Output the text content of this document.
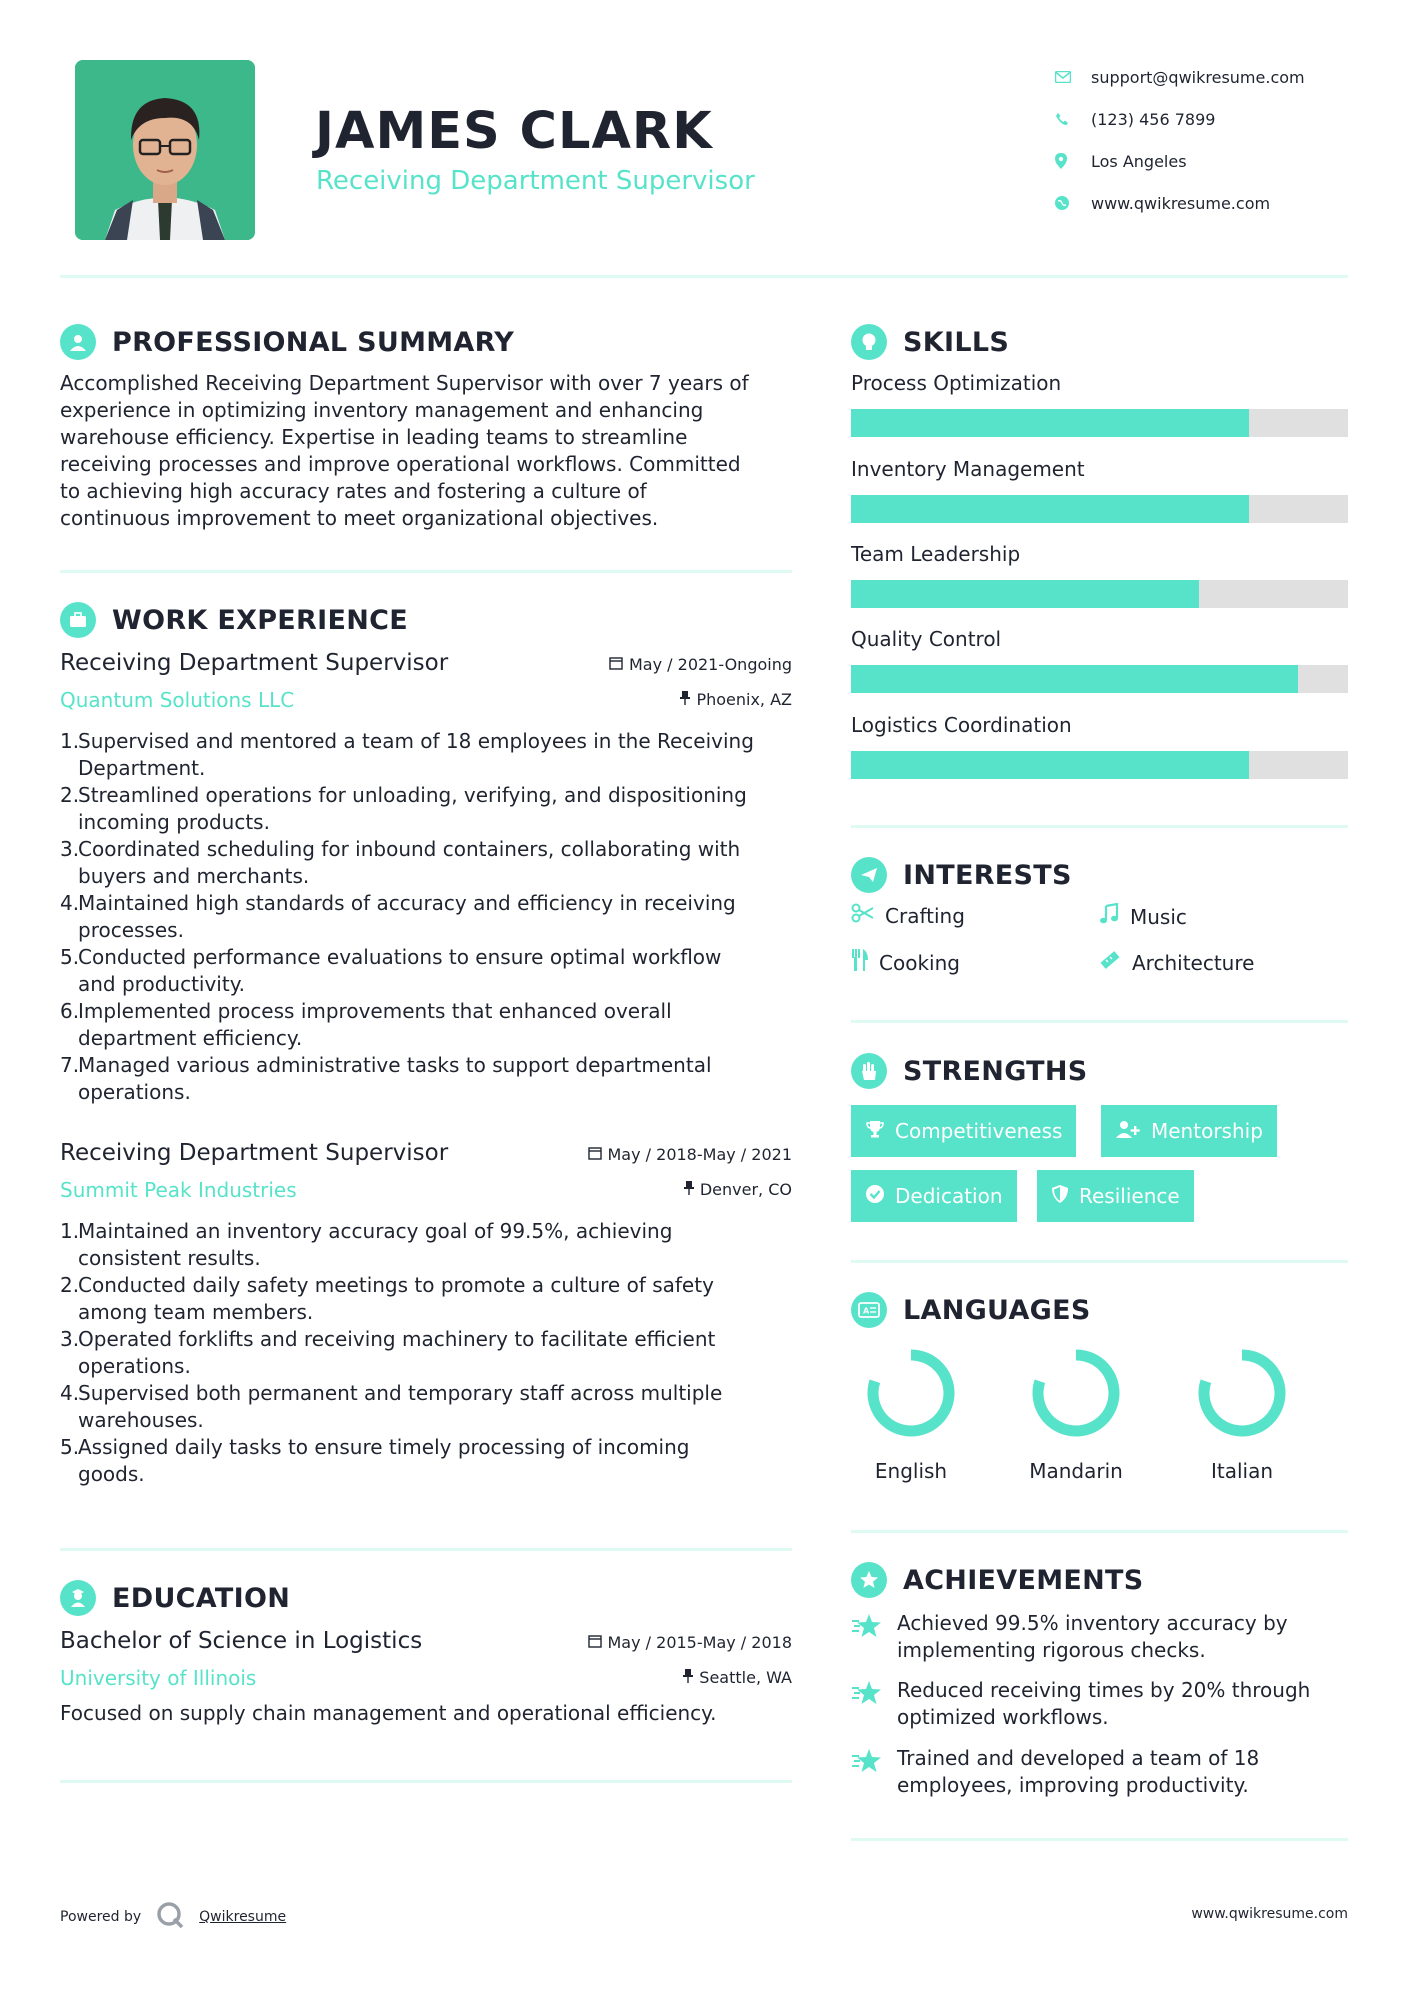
JAMES CLARK
Receiving Department Supervisor
support@qwikresume.com
(123) 456 7899
Los Angeles
www.qwikresume.com
PROFESSIONAL SUMMARY
Accomplished Receiving Department Supervisor with over 7 years of
experience in optimizing inventory management and enhancing
warehouse efficiency. Expertise in leading teams to streamline
receiving processes and improve operational workflows. Committed
to achieving high accuracy rates and fostering a culture of
continuous improvement to meet organizational objectives.
WORK EXPERIENCE
Receiving Department Supervisor
Quantum Solutions LLC
May / 2021-Ongoing
Phoenix, AZ
1.
Supervised and mentored a team of 18 employees in the Receiving
Department.
2.
Streamlined operations for unloading, verifying, and dispositioning
incoming products.
3.
Coordinated scheduling for inbound containers, collaborating with
buyers and merchants.
4.
Maintained high standards of accuracy and efficiency in receiving
processes.
5.
Conducted performance evaluations to ensure optimal workflow
and productivity.
6.
Implemented process improvements that enhanced overall
department efficiency.
7.
Managed various administrative tasks to support departmental
operations.
Receiving Department Supervisor
Summit Peak Industries
May / 2018-May / 2021
Denver, CO
1.
Maintained an inventory accuracy goal of 99.5%, achieving
consistent results.
2.
Conducted daily safety meetings to promote a culture of safety
among team members.
3.
Operated forklifts and receiving machinery to facilitate efficient
operations.
4.
Supervised both permanent and temporary staff across multiple
warehouses.
5.
Assigned daily tasks to ensure timely processing of incoming
goods.
EDUCATION
Bachelor of Science in Logistics
University of Illinois
May / 2015-May / 2018
Seattle, WA
Focused on supply chain management and operational efficiency.
SKILLS
Process Optimization
Inventory Management
Team Leadership
Quality Control
Logistics Coordination
INTERESTS
Crafting	Music
Cooking	Architecture
STRENGTHS
Competitiveness	Mentorship
Dedication	Resilience
A LANGUAGES
English	Mandarin	Italian
ACHIEVEMENTS
Achieved 99.5% inventory accuracy by
implementing rigorous checks.
Reduced receiving times by 20% through
optimized workflows.
Trained and developed a team of 18
employees, improving productivity.
Powered by	Qwikresume	www.qwikresume.com
